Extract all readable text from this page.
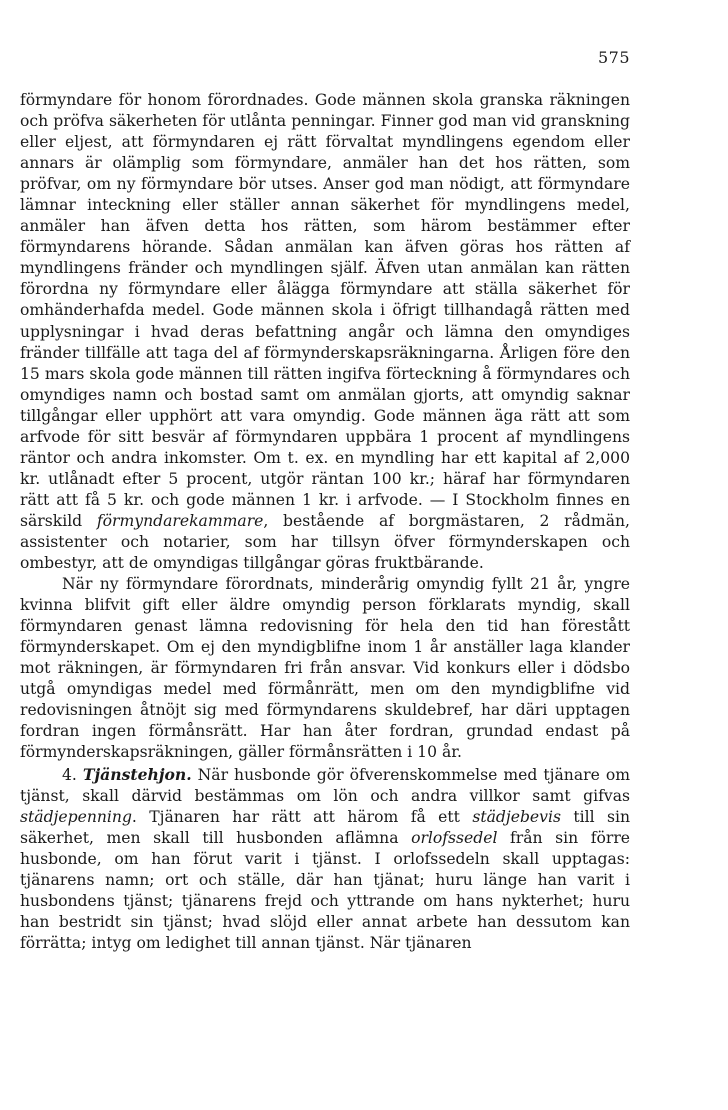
575

förmyndare för honom förordnades. Gode männen skola granska räkningen och pröfva säkerheten för utlånta penningar. Finner god man vid granskning eller eljest, att förmyndaren ej rätt förvaltat myndlingens egendom eller annars är olämplig som förmyndare, anmäler han det hos rätten, som pröfvar, om ny förmyndare bör utses. Anser god man nödigt, att förmyndare lämnar inteckning eller ställer annan säkerhet för myndlingens medel, anmäler han äfven detta hos rätten, som härom bestämmer efter förmyndarens hörande. Sådan anmälan kan äfven göras hos rätten af myndlingens fränder och myndlingen själf. Äfven utan anmälan kan rätten förordna ny förmyndare eller ålägga förmyndare att ställa säkerhet för omhänderhafda medel. Gode männen skola i öfrigt tillhandagå rätten med upplysningar i hvad deras befattning angår och lämna den omyndiges fränder tillfälle att taga del af förmynderskapsräkningarna. Årligen före den 15 mars skola gode männen till rätten ingifva förteckning å förmyndares och omyndiges namn och bostad samt om anmälan gjorts, att omyndig saknar tillgångar eller upphört att vara omyndig. Gode männen äga rätt att som arfvode för sitt besvär af förmyndaren uppbära 1 procent af myndlingens räntor och andra inkomster. Om t. ex. en myndling har ett kapital af 2,000 kr. utlånadt efter 5 procent, utgör räntan 100 kr.; häraf har förmyndaren rätt att få 5 kr. och gode männen 1 kr. i arfvode. — I Stockholm finnes en särskild förmyndarekammare, bestående af borgmästaren, 2 rådmän, assistenter och notarier, som har tillsyn öfver förmynderskapen och ombestyr, att de omyndigas tillgångar göras fruktbärande.

När ny förmyndare förordnats, minderårig omyndig fyllt 21 år, yngre kvinna blifvit gift eller äldre omyndig person förklarats myndig, skall förmyndaren genast lämna redovisning för hela den tid han förestått förmynderskapet. Om ej den myndigblifne inom 1 år anställer laga klander mot räkningen, är förmyndaren fri från ansvar. Vid konkurs eller i dödsbo utgå omyndigas medel med förmånrätt, men om den myndigblifne vid redovisningen åtnöjt sig med förmyndarens skuldebref, har däri upptagen fordran ingen förmånsrätt. Har han åter fordran, grundad endast på förmynderskapsräkningen, gäller förmånsrätten i 10 år.

4. Tjänstehjon. När husbonde gör öfverenskommelse med tjänare om tjänst, skall därvid bestämmas om lön och andra villkor samt gifvas städjepenning. Tjänaren har rätt att härom få ett städjebevis till sin säkerhet, men skall till husbonden aflämna orlofssedel från sin förre husbonde, om han förut varit i tjänst. I orlofssedeln skall upptagas: tjänarens namn; ort och ställe, där han tjänat; huru länge han varit i husbondens tjänst; tjänarens frejd och yttrande om hans nykterhet; huru han bestridt sin tjänst; hvad slöjd eller annat arbete han dessutom kan förrätta; intyg om ledighet till annan tjänst. När tjänaren
